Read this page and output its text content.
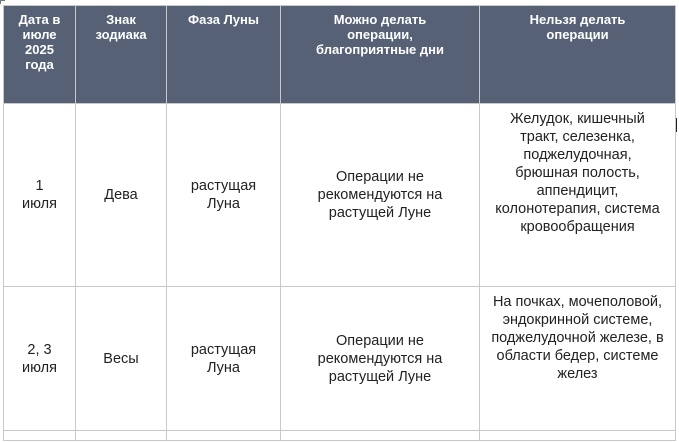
Дата в июле 2025 года	Знак зодиака	Фаза Луны	Можно делать операции, благоприятные дни	Нельзя делать операции

1 июля	Дева	растущая Луна	Операции не рекомендуются на растущей Луне	Желудок, кишечный тракт, селезенка, поджелудочная, брюшная полость, аппендицит, колонотерапия, система кровообращения

2, 3 июля	Весы	растущая Луна	Операции не рекомендуются на растущей Луне	На почках, мочеполовой, эндокринной системе, поджелудочной железе, в области бедер, системе желез
